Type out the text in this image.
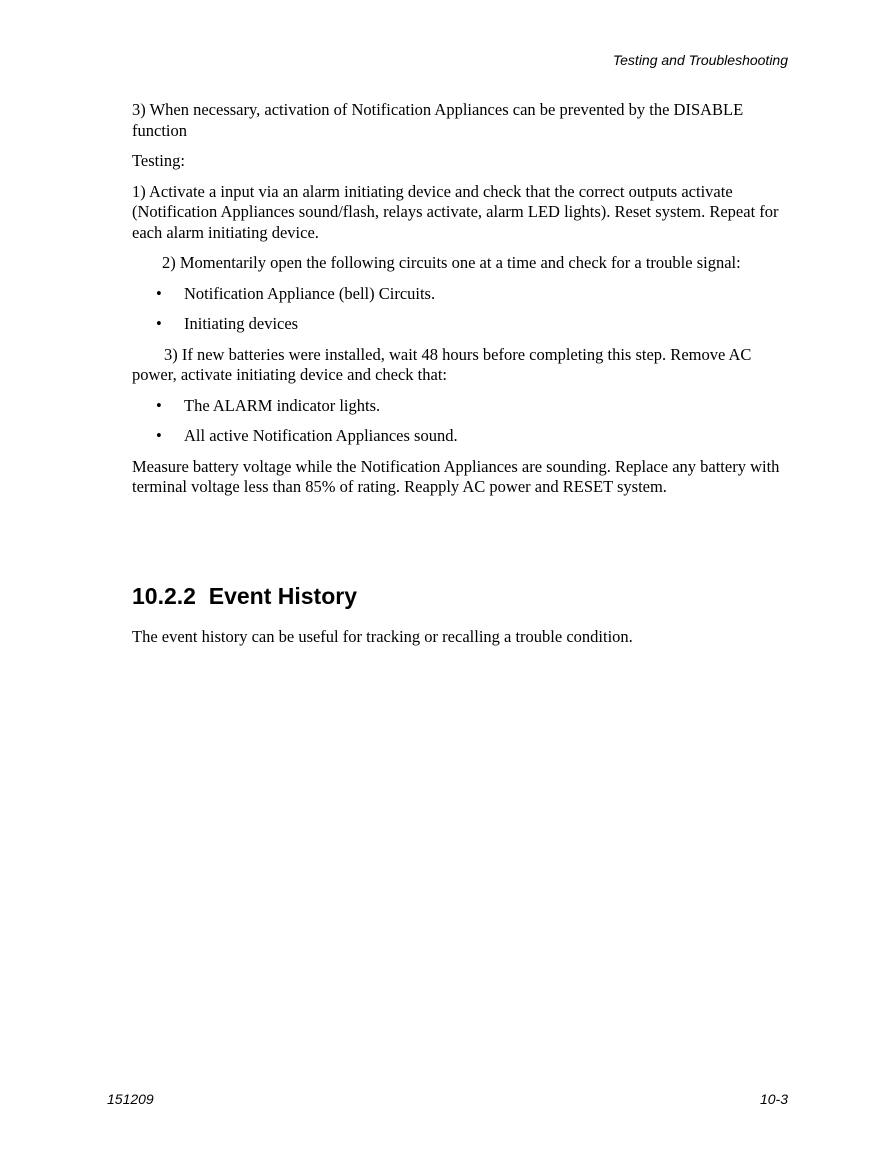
Testing and Troubleshooting

3) When necessary, activation of Notification Appliances can be prevented by the DISABLE function

Testing:

1) Activate a input via an alarm initiating device and check that the correct outputs activate (Notification Appliances sound/flash, relays activate, alarm LED lights). Reset system. Repeat for each alarm initiating device.

2) Momentarily open the following circuits one at a time and check for a trouble signal:

• Notification Appliance (bell) Circuits.
• Initiating devices

3) If new batteries were installed, wait 48 hours before completing this step. Remove AC power, activate initiating device and check that:

• The ALARM indicator lights.
• All active Notification Appliances sound.

Measure battery voltage while the Notification Appliances are sounding. Replace any battery with terminal voltage less than 85% of rating. Reapply AC power and RESET system.

10.2.2 Event History

The event history can be useful for tracking or recalling a trouble condition.

151209	10-3
